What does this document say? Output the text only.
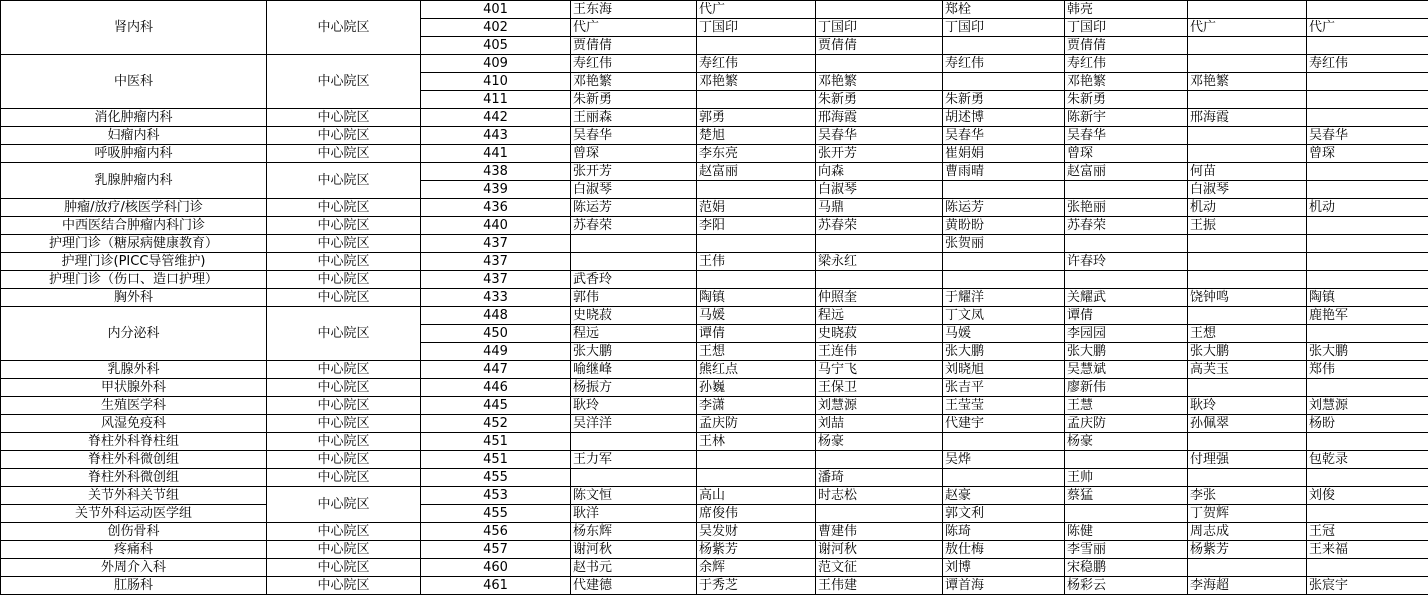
肾内科	中心院区	401	王东海	代广		郑栓	韩亮		
		402	代广	丁国印	丁国印	丁国印	丁国印	代广	代广
		405	贾倩倩		贾倩倩		贾倩倩		
中医科	中心院区	409	寿红伟	寿红伟		寿红伟	寿红伟		寿红伟
		410	邓艳繁	邓艳繁	邓艳繁		邓艳繁	邓艳繁	
		411	朱新勇		朱新勇	朱新勇	朱新勇		
消化肿瘤内科	中心院区	442	王丽森	郭勇	邢海霞	胡述博	陈新宇	邢海霞	
妇瘤内科	中心院区	443	吴春华	楚旭	吴春华	吴春华	吴春华		吴春华
呼吸肿瘤内科	中心院区	441	曾琛	李东亮	张开芳	崔娟娟	曾琛		曾琛
乳腺肿瘤内科	中心院区	438	张开芳	赵富丽	向森	曹雨晴	赵富丽	何苗	
		439	白淑琴		白淑琴			白淑琴	
肿瘤/放疗/核医学科门诊	中心院区	436	陈运芳	范娟	马鼎	陈运芳	张艳丽	机动	机动
中西医结合肿瘤内科门诊	中心院区	440	苏春荣	李阳	苏春荣	黄盼盼	苏春荣	王振	
护理门诊（糖尿病健康教育）	中心院区	437				张贺丽			
护理门诊(PICC导管维护)	中心院区	437		王伟	梁永红		许春玲		
护理门诊（伤口、造口护理）	中心院区	437	武香玲						
胸外科	中心院区	433	郭伟	陶镇	仲照奎	于耀洋	关耀武	饶钟鸣	陶镇
内分泌科	中心院区	448	史晓菽	马媛	程远	丁文凤	谭倩		鹿艳军
		450	程远	谭倩	史晓菽	马媛	李园园	王想	
		449	张大鹏	王想	王连伟	张大鹏	张大鹏	张大鹏	张大鹏
乳腺外科	中心院区	447	喻继峰	熊红点	马宁飞	刘晓旭	吴慧斌	高芙玉	郑伟
甲状腺外科	中心院区	446	杨振方	孙巍	王保卫	张吉平	廖新伟		
生殖医学科	中心院区	445	耿玲	李潇	刘慧源	王莹莹	王慧	耿玲	刘慧源
风湿免疫科	中心院区	452	吴洋洋	孟庆防	刘喆	代建宇	孟庆防	孙佩翠	杨盼
脊柱外科脊柱组	中心院区	451		王林	杨豪		杨豪		
脊柱外科微创组	中心院区	451	王力军			吴烨		付理强	包乾录
脊柱外科微创组	中心院区	455			潘琦		王帅		
关节外科关节组	中心院区	453	陈文恒	高山	时志松	赵豪	蔡猛	李张	刘俊
关节外科运动医学组		455	耿洋	席俊伟		郭文利		丁贺辉	
创伤骨科	中心院区	456	杨东辉	吴发财	曹建伟	陈琦	陈健	周志成	王冠
疼痛科	中心院区	457	谢河秋	杨紫芳	谢河秋	敖仕梅	李雪丽	杨紫芳	王来福
外周介入科	中心院区	460	赵书元	余辉	范文征	刘博	宋稳鹏		
肛肠科	中心院区	461	代建德	于秀芝	王伟建	谭首海	杨彩云	李海超	张宸宇
